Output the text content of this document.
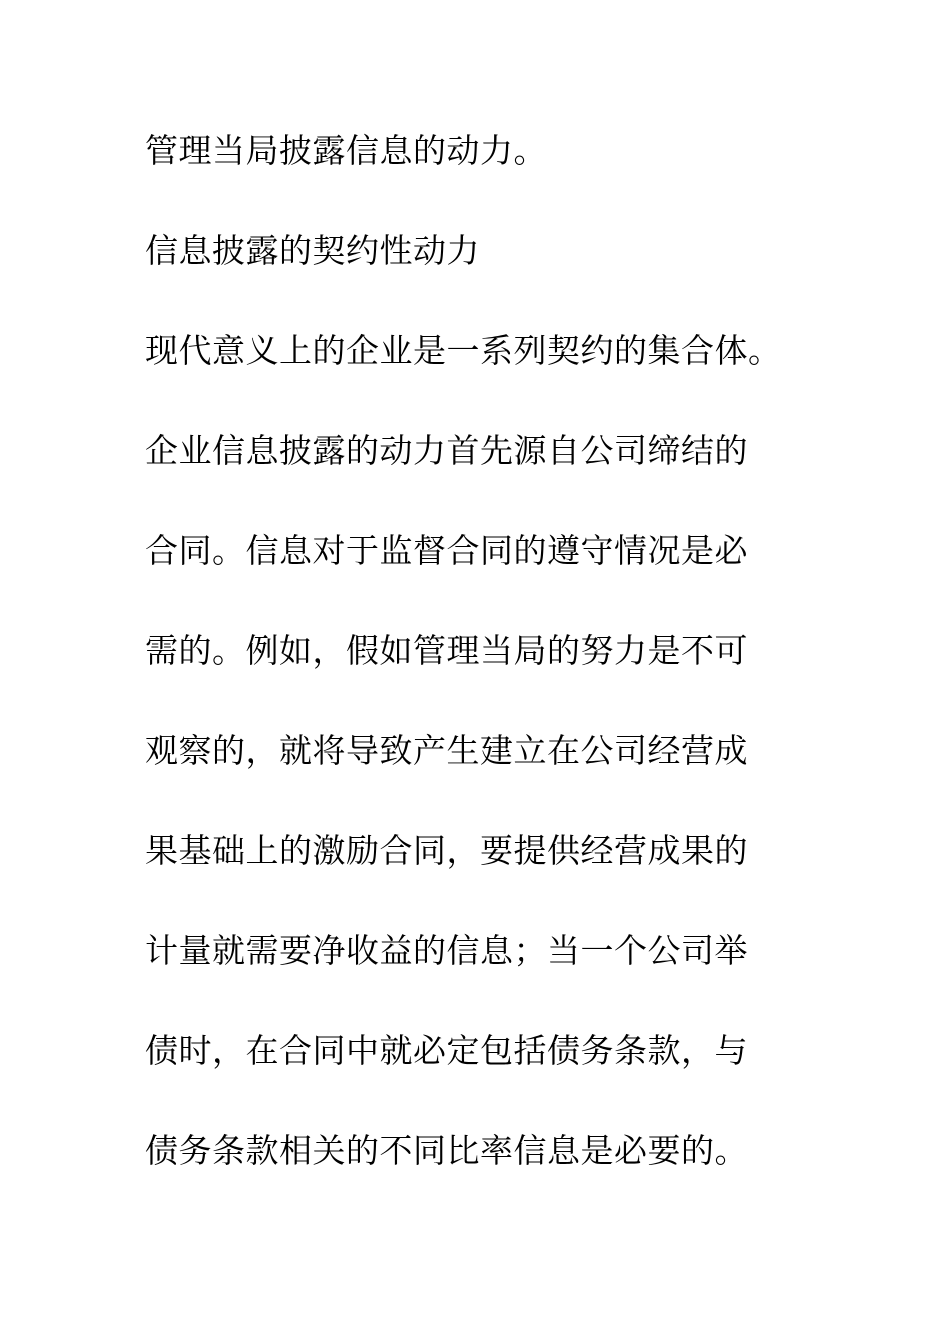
管理当局披露信息的动力。
信息披露的契约性动力
现代意义上的企业是一系列契约的集合体。
企业信息披露的动力首先源自公司缔结的
合同。信息对于监督合同的遵守情况是必
需的。例如，假如管理当局的努力是不可
观察的，就将导致产生建立在公司经营成
果基础上的激励合同，要提供经营成果的
计量就需要净收益的信息；当一个公司举
债时，在合同中就必定包括债务条款，与
债务条款相关的不同比率信息是必要的。
